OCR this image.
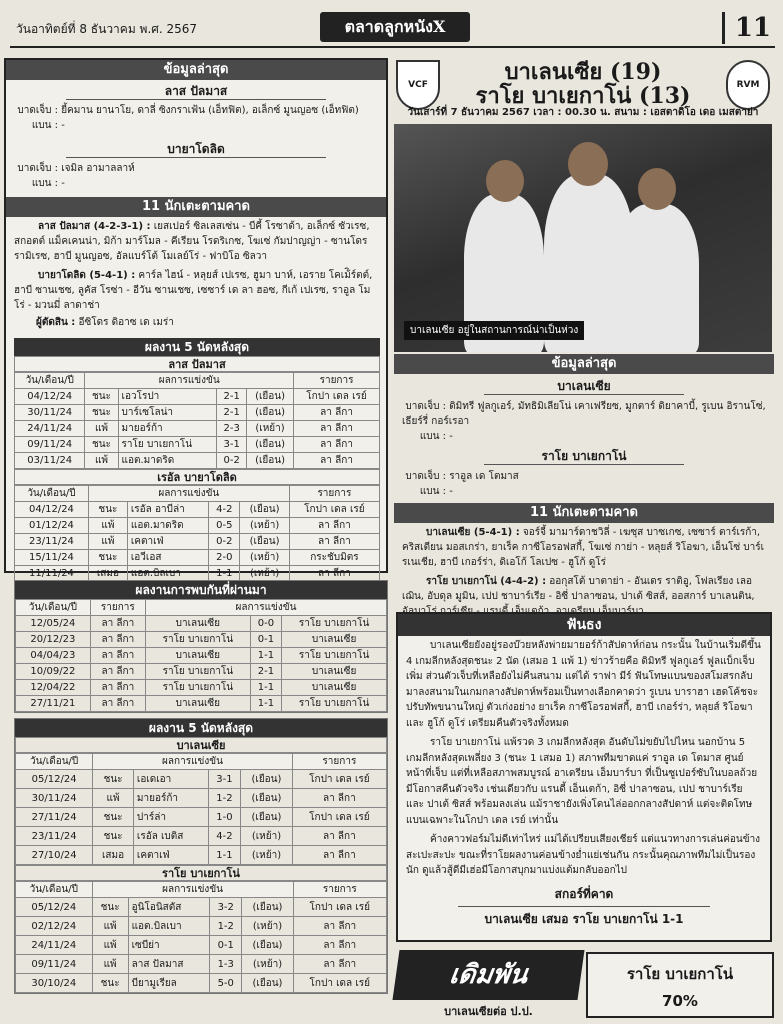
วันอาทิตย์ที่ 8 ธันวาคม พ.ศ. 2567	ตลาดลูกหนังX	11
ข้อมูลล่าสุด
ลาส ปัลมาส
บาดเจ็บ : ยี้คมาน ยานาโย, ดาลี่ ซิงกราเฟ้น (เอ็ทฟิต), อเล็กซ์ มูนญอซ (เอ็ทฟิต)
แบน : -
บายาโดลิด
บาดเจ็บ : เจมิล อามาลลาห์
แบน : -
11 นักเตะตามคาด
ลาส ปัลมาส (4-2-3-1) : เยสเปอร์ ซิลเลสเซ่น - บีคี้ โรซาด้า, อเล็กซ์ ซัวเรซ, สกอตต์ แม็คเคนน่า, มิก้า มาร์โมล - คีเรียน โรดริเกซ, โฆเซ่ กัมปาญญ่า - ซานโดร รามิเรซ, ฮาบี มูนญอซ, อัลแบร์โต้ โมเลย์โร่ - ฟาบิโอ ซิลวา
บายาโดลิด (5-4-1) : คาร์ล ไฮน์ - หลุยส์ เปเรซ, ฮูมา บาห์, เอราย โคเม้ิร์ตต์, ฮาบี ซานเชซ, ลูคัส โรซ่า - อีวัน ซานเชซ, เซซาร์ เด ลา ฮอซ, กีเก้ เปเรซ, ราอูล โมโร่ - มวนมี่ ลาดาช่า
ผู้ตัดสิน : อีซิโดร ดิอาซ เด เมร่า
ผลงาน 5 นัดหลังสุด
ลาส ปัลมาส
วัน/เดือน/ปี	ผลการแข่งขัน				รายการ
04/12/24	ชนะ	เอวโรปา	2-1	(เยือน)	โกปา เดล เรย์
30/11/24	ชนะ	บาร์เซโลน่า	2-1	(เยือน)	ลา ลีกา
24/11/24	แพ้	มายอร์ก้า	2-3	(เหย้า)	ลา ลีกา
09/11/24	ชนะ	ราโย บาเยกาโน่	3-1	(เยือน)	ลา ลีกา
03/11/24	แพ้	แอต.มาดริด	0-2	(เยือน)	ลา ลีกา
เรอัล บายาโดลิด
วัน/เดือน/ปี	ผลการแข่งขัน				รายการ
04/12/24	ชนะ	เรอัล อาบีล่า	4-2	(เยือน)	โกปา เดล เรย์
01/12/24	แพ้	แอต.มาดริด	0-5	(เหย้า)	ลา ลีกา
23/11/24	แพ้	เคตาเฟ่	0-2	(เยือน)	ลา ลีกา
15/11/24	ชนะ	เอวีเอส	2-0	(เหย้า)	กระชับมิตร
11/11/24	เสมอ	แอต.บิลเบา	1-1	(เหย้า)	ลา ลีกา
ผลงานการพบกันที่ผ่านมา
วัน/เดือน/ปี	รายการ	ผลการแข่งขัน		
12/05/24	ลา ลีกา	บาเลนเซีย	0-0	ราโย บาเยกาโน่
20/12/23	ลา ลีกา	ราโย บาเยกาโน่	0-1	บาเลนเซีย
04/04/23	ลา ลีกา	บาเลนเซีย	1-1	ราโย บาเยกาโน่
10/09/22	ลา ลีกา	ราโย บาเยกาโน่	2-1	บาเลนเซีย
12/04/22	ลา ลีกา	ราโย บาเยกาโน่	1-1	บาเลนเซีย
27/11/21	ลา ลีกา	บาเลนเซีย	1-1	ราโย บาเยกาโน่
ผลงาน 5 นัดหลังสุด
บาเลนเซีย
วัน/เดือน/ปี	ผลการแข่งขัน				รายการ
05/12/24	ชนะ	เอเดเอา	3-1	(เยือน)	โกปา เดล เรย์
30/11/24	แพ้	มายอร์ก้า	1-2	(เยือน)	ลา ลีกา
27/11/24	ชนะ	ปาร์ล่า	1-0	(เยือน)	โกปา เดล เรย์
23/11/24	ชนะ	เรอัล เบติส	4-2	(เหย้า)	ลา ลีกา
27/10/24	เสมอ	เคตาเฟ่	1-1	(เหย้า)	ลา ลีกา
ราโย บาเยกาโน่
วัน/เดือน/ปี	ผลการแข่งขัน				รายการ
05/12/24	ชนะ	อูนิโอนิสตัส	3-2	(เยือน)	โกปา เดล เรย์
02/12/24	แพ้	แอต.บิลเบา	1-2	(เหย้า)	ลา ลีกา
24/11/24	แพ้	เซบีย่า	0-1	(เยือน)	ลา ลีกา
09/11/24	แพ้	ลาส ปัลมาส	1-3	(เหย้า)	ลา ลีกา
30/10/24	ชนะ	บียามูเรียล	5-0	(เยือน)	โกปา เดล เรย์
VCF	บาเลนเซีย (19)
ราโย บาเยกาโน่ (13)	RVM
วันเสาร์ที่ 7 ธันวาคม 2567 เวลา : 00.30 น. สนาม : เอสตาดิโอ เดอ เมสตาย่า
บาเลนเซีย อยู่ในสถานการณ์น่าเป็นห่วง
ข้อมูลล่าสุด
บาเลนเซีย
บาดเจ็บ : ดิมิทรี ฟูลกูเอร์, มัทธิมิเลียโน่ เคาเฟรียซ, มูกตาร์ ดิยาคาบี้, รูเบน อิรานโซ่, เธียร์รี่ กอร์เรอา
แบน : -
ราโย บาเยกาโน่
บาดเจ็บ : ราอูล เด โตมาส
แบน : -
11 นักเตะตามคาด
บาเลนเซีย (5-4-1) : จอร์จี้ มามาร์ดาชวิลี่ - เฆซุส บาซเกซ, เซซาร์ ตาร์เรก้า, คริสเตียน มอสเกร่า, ยาเร็ค กาซีโอรอฟสกี้, โฆเซ่ กาย่า - หลุยส์ ริโอฆา, เอ็นโซ่ บาร์เรเนเชีย, ฮาบี เกอร์ร่า, ดิเอโก้ โลเปซ - ฮูโก้ ดูโร่
ราโย บาเยกาโน่ (4-4-2) : ออกุสโต้ บาตาย่า - อันเดร ราติอู, โฟลเรียง เลอเฌิน, อับดุล มูมิน, เปป ชาบาร์เรีย - อิซี่ ปาลาซอน, ปาเต้ ซิสส์, ออสการ์ บาเลนติน,
ฟันธง
บาเลนเซียยังอยู่รองบ๊วยหลังพ่ายมายอร์ก้าสัปดาห์ก่อน กระนั้น ในบ้านเริ่มดีขึ้น 4 เกมลีกหลังสุดชนะ 2 นัด (เสมอ 1 แพ้ 1) ข่าวร้ายคือ ดิมิทรี ฟูลกูเอร์ ฟูลแบ็กเจ็บเพิ่ม ส่วนตัวเจ็บที่เหลือยังไม่คืนสนาม แต่ได้ ราฟา มีร์ ฟันโทษแบนของสโมสรกลับมาลงสนามในเกมกลางสัปดาห์พร้อมเป็นทางเลือกคาดว่า รูเบน บาราฮา เฮดโค้ชจะปรับทัพขนานใหญ่ ตัวเก่งอย่าง ยาเร็ค กาซีโอรอฟสกี้, ฮาบี เกอร์ร่า, หลุยส์ ริโอฆา และ ฮูโก้ ดูโร่ เตรียมคืนตัวจริงทั้งหมด
ราโย บาเยกาโน่ แพ้รวด 3 เกมลีกหลังสุด อันดับไม่ขยับไปไหน นอกบ้าน 5 เกมลีกหลังสุดเพลี่ยง 3 (ชนะ 1 เสมอ 1) สภาพทีมขาดแค่ ราอูล เด โตมาส ศูนย์หน้าที่เจ็บ แต่ที่เหลือสภาพสมบูรณ์ อาเดรียน เอ็มบาร์บา ที่เป็นซูเปอร์ซับในบอลถ้วย มีโอกาสคืนตัวจริง เช่นเดียวกับ แรนดี้ เอ็นเตก้า, อิซี่ ปาลาซอน, เปป ชาบาร์เรีย และ ปาเต้ ซิสส์ พร้อมลงเล่น แม้ราชายังเพิ่งโดนไล่ออกกลางสัปดาห์ แต่จะติดโทษแบนเฉพาะในโกปา เดล เรย์ เท่านั้น
ค้างคาวฟอร์มไม่ดีเท่าไหร่ แม่ได้เปรียบเสียงเชียร์ แต่แนวทางการเล่นค่อนข้างสะเปะสะปะ ขณะที่ราโยผลงานค่อนข้างย่ำแย่เช่นกัน กระนั้นคุณภาพทีมไม่เป็นรองนัก ดูแล้วสู้ดีมีเฮ่อมีโอกาสบุกมาแบ่งแต้มกลับออกไป
สกอร์ที่คาด
บาเลนเซีย เสมอ ราโย บาเยกาโน่ 1-1
เดิมพัน
บาเลนเซียต่อ ป.ป.
ราโย บาเยกาโน่
70%
